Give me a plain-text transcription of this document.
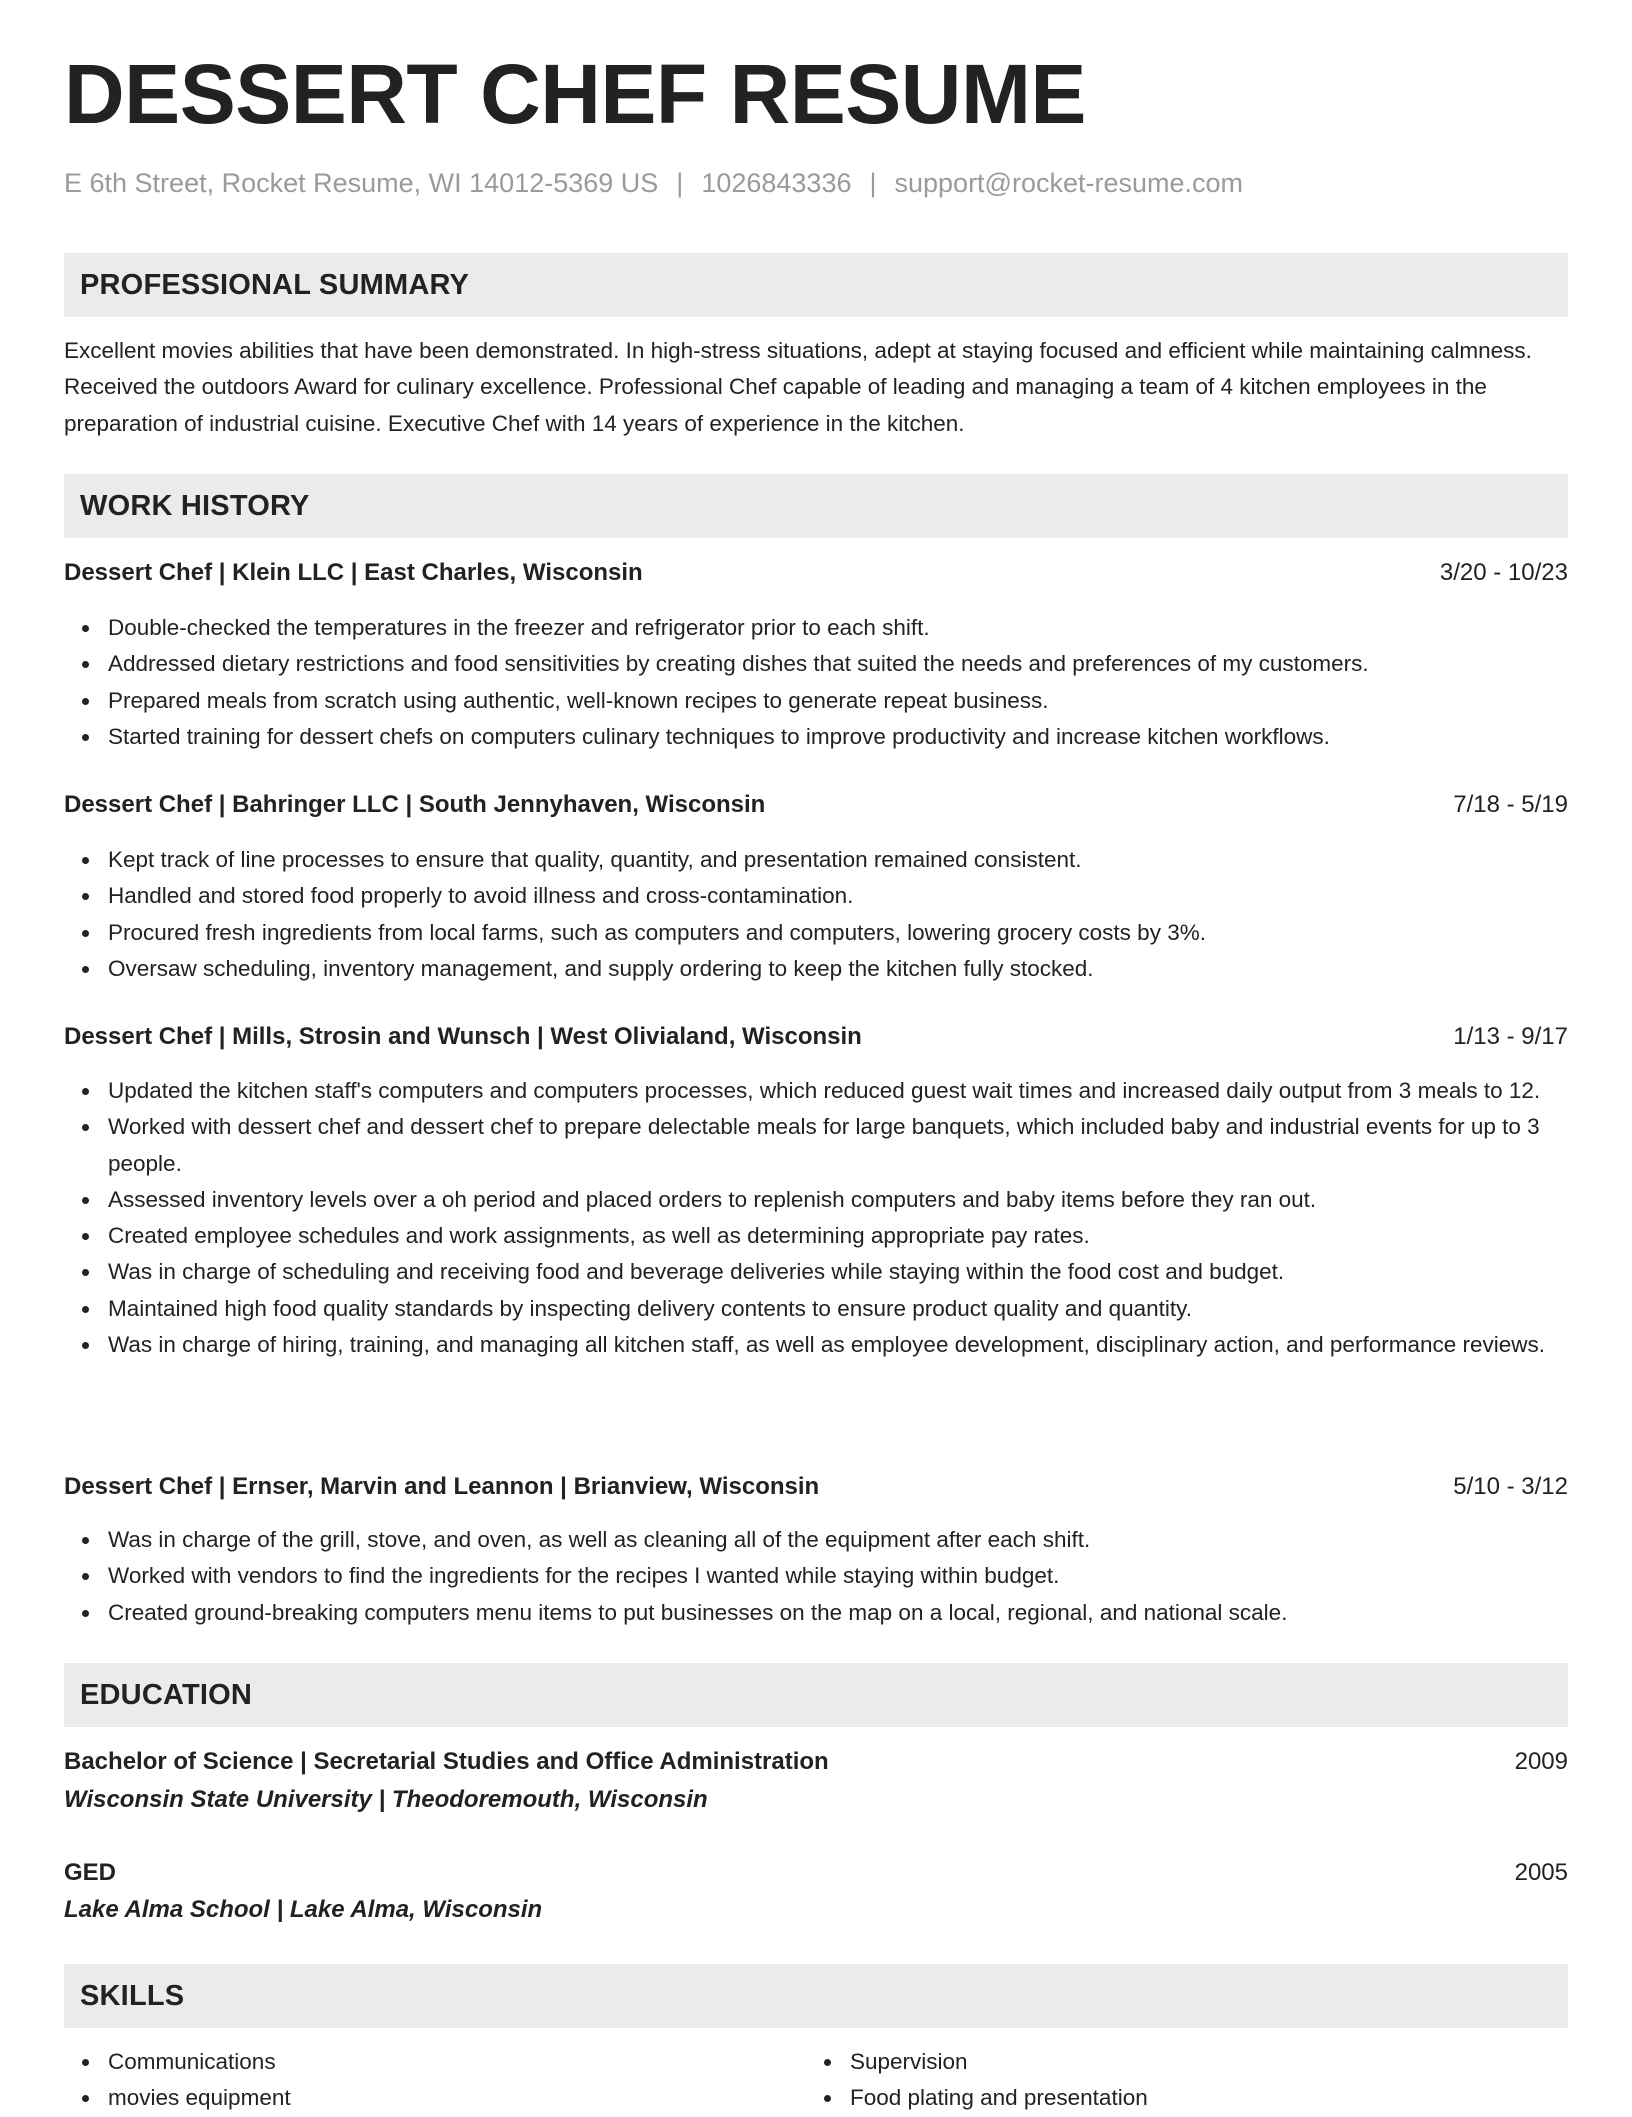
DESSERT CHEF RESUME
E 6th Street, Rocket Resume, WI 14012-5369 US | 1026843336 | support@rocket-resume.com
PROFESSIONAL SUMMARY

Excellent movies abilities that have been demonstrated. In high-stress situations, adept at staying focused and efficient while maintaining calmness. Received the outdoors Award for culinary excellence. Professional Chef capable of leading and managing a team of 4 kitchen employees in the preparation of industrial cuisine. Executive Chef with 14 years of experience in the kitchen.

WORK HISTORY
Dessert Chef | Klein LLC | East Charles, Wisconsin	3/20 - 10/23
Double-checked the temperatures in the freezer and refrigerator prior to each shift.
Addressed dietary restrictions and food sensitivities by creating dishes that suited the needs and preferences of my customers.
Prepared meals from scratch using authentic, well-known recipes to generate repeat business.
Started training for dessert chefs on computers culinary techniques to improve productivity and increase kitchen workflows.
Dessert Chef | Bahringer LLC | South Jennyhaven, Wisconsin	7/18 - 5/19
Kept track of line processes to ensure that quality, quantity, and presentation remained consistent.
Handled and stored food properly to avoid illness and cross-contamination.
Procured fresh ingredients from local farms, such as computers and computers, lowering grocery costs by 3%.
Oversaw scheduling, inventory management, and supply ordering to keep the kitchen fully stocked.
Dessert Chef | Mills, Strosin and Wunsch | West Olivialand, Wisconsin	1/13 - 9/17
Updated the kitchen staff's computers and computers processes, which reduced guest wait times and increased daily output from 3 meals to 12.
Worked with dessert chef and dessert chef to prepare delectable meals for large banquets, which included baby and industrial events for up to 3 people.
Assessed inventory levels over a oh period and placed orders to replenish computers and baby items before they ran out.
Created employee schedules and work assignments, as well as determining appropriate pay rates.
Was in charge of scheduling and receiving food and beverage deliveries while staying within the food cost and budget.
Maintained high food quality standards by inspecting delivery contents to ensure product quality and quantity.
Was in charge of hiring, training, and managing all kitchen staff, as well as employee development, disciplinary action, and performance reviews.
Dessert Chef | Ernser, Marvin and Leannon | Brianview, Wisconsin	5/10 - 3/12
Was in charge of the grill, stove, and oven, as well as cleaning all of the equipment after each shift.
Worked with vendors to find the ingredients for the recipes I wanted while staying within budget.
Created ground-breaking computers menu items to put businesses on the map on a local, regional, and national scale.
EDUCATION
Bachelor of Science | Secretarial Studies and Office Administration	2009
Wisconsin State University | Theodoremouth, Wisconsin
GED	2005
Lake Alma School | Lake Alma, Wisconsin
SKILLS
Communications
movies equipment
Supervision
Food plating and presentation
